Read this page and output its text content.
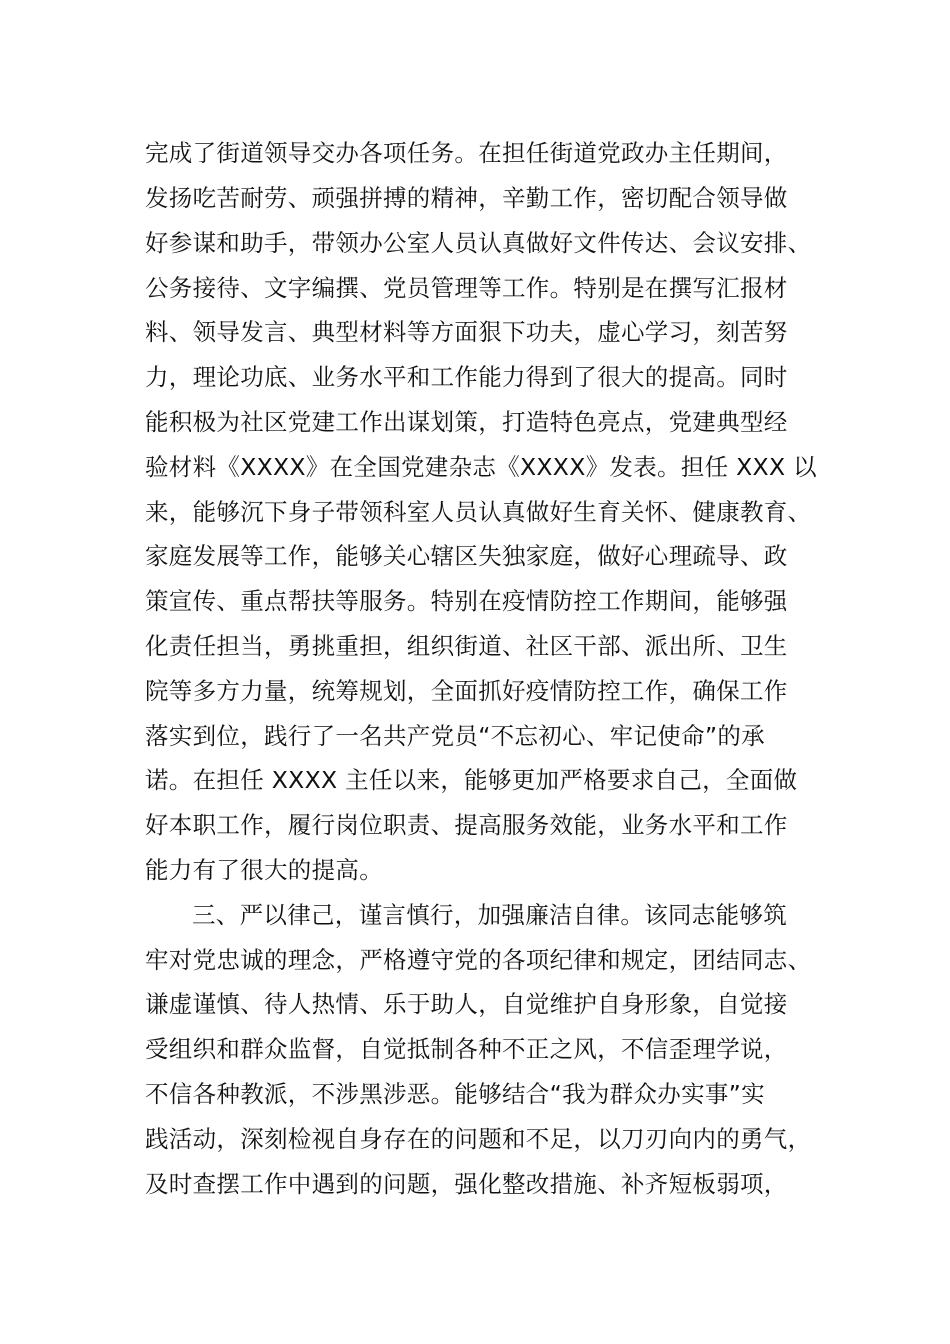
完成了街道领导交办各项任务。在担任街道党政办主任期间，
发扬吃苦耐劳、顽强拼搏的精神，辛勤工作，密切配合领导做
好参谋和助手，带领办公室人员认真做好文件传达、会议安排、
公务接待、文字编撰、党员管理等工作。特别是在撰写汇报材
料、领导发言、典型材料等方面狠下功夫，虚心学习，刻苦努
力，理论功底、业务水平和工作能力得到了很大的提高。同时
能积极为社区党建工作出谋划策，打造特色亮点，党建典型经
验材料《XXXX》在全国党建杂志《XXXX》发表。担任 XXX 以
来，能够沉下身子带领科室人员认真做好生育关怀、健康教育、
家庭发展等工作，能够关心辖区失独家庭，做好心理疏导、政
策宣传、重点帮扶等服务。特别在疫情防控工作期间，能够强
化责任担当，勇挑重担，组织街道、社区干部、派出所、卫生
院等多方力量，统筹规划，全面抓好疫情防控工作，确保工作
落实到位，践行了一名共产党员“不忘初心、牢记使命”的承
诺。在担任 XXXX 主任以来，能够更加严格要求自己，全面做
好本职工作，履行岗位职责、提高服务效能，业务水平和工作
能力有了很大的提高。
三、严以律己，谨言慎行，加强廉洁自律。该同志能够筑
牢对党忠诚的理念，严格遵守党的各项纪律和规定，团结同志、
谦虚谨慎、待人热情、乐于助人，自觉维护自身形象，自觉接
受组织和群众监督，自觉抵制各种不正之风，不信歪理学说，
不信各种教派，不涉黑涉恶。能够结合“我为群众办实事”实
践活动，深刻检视自身存在的问题和不足，以刀刃向内的勇气，
及时查摆工作中遇到的问题，强化整改措施、补齐短板弱项，
